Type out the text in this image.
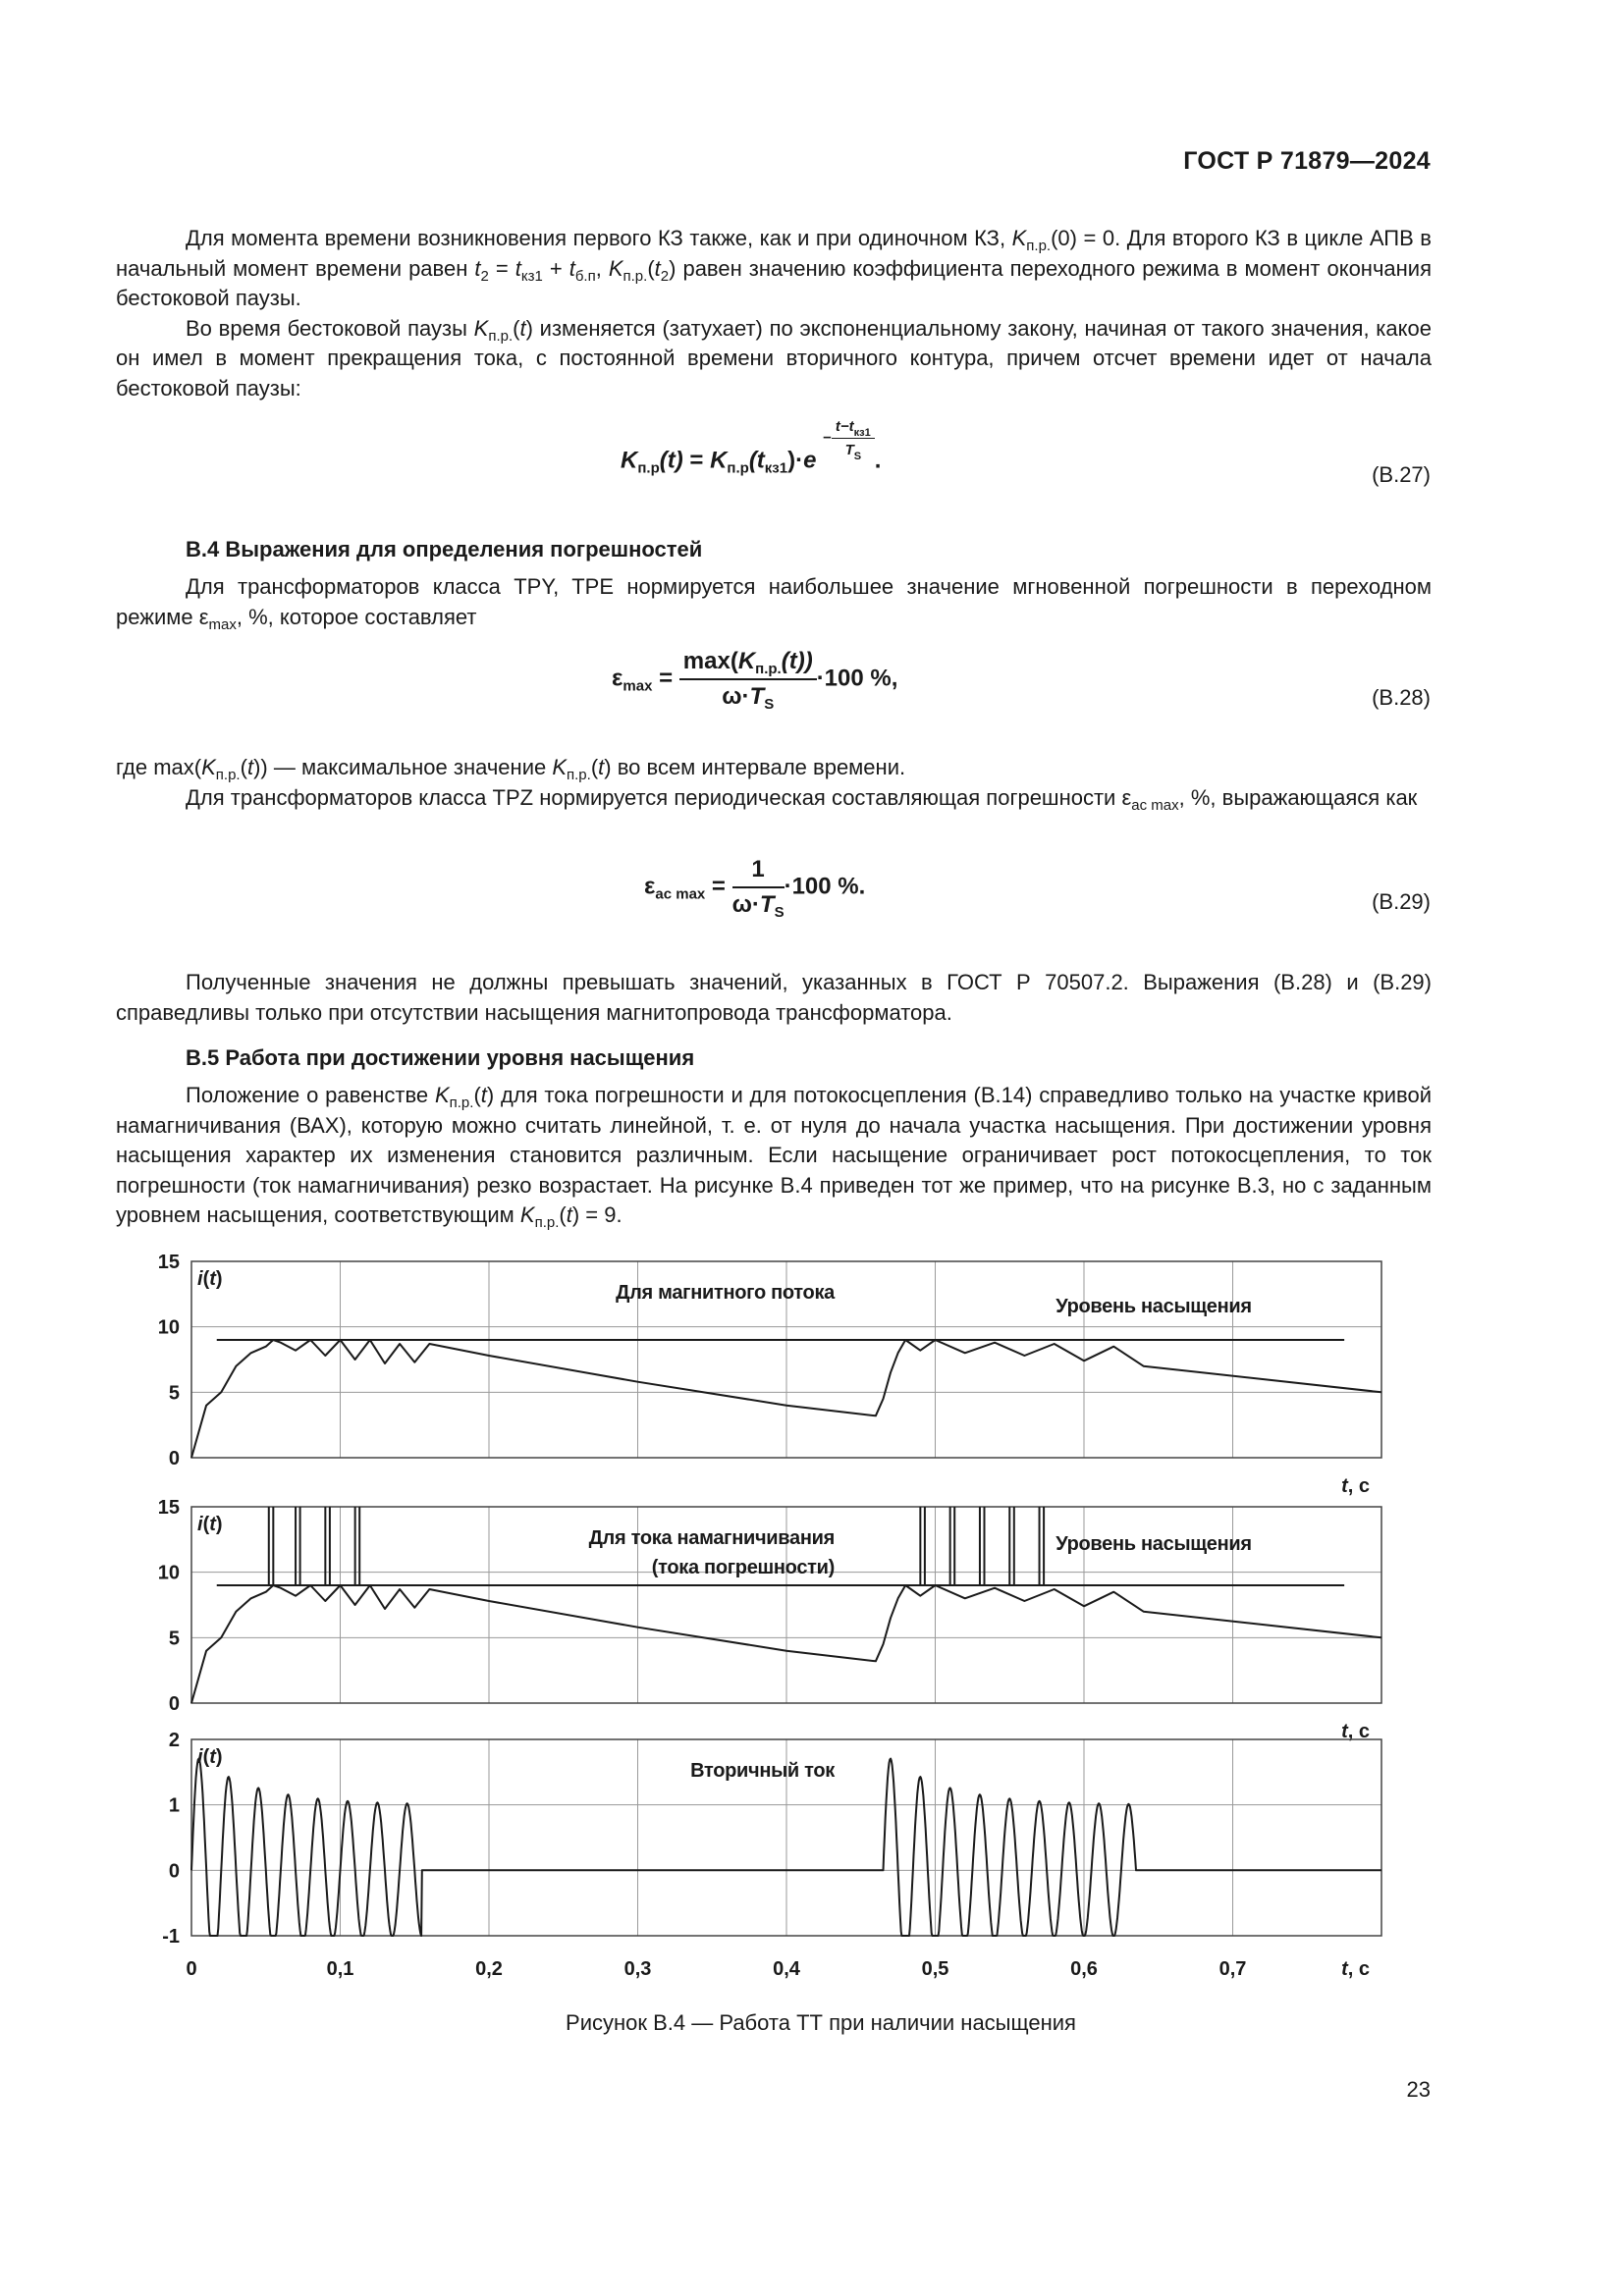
ГОСТ Р 71879—2024

Для момента времени возникновения первого КЗ также, как и при одиночном КЗ, $K_{п.р.}(0) = 0$. Для второго КЗ в цикле АПВ в начальный момент времени равен $t_2 = t_{кз1} + t_{б.п}$, $K_{п.р.}(t_2)$ равен значению коэффициента переходного режима в момент окончания бестоковой паузы.

Во время бестоковой паузы $K_{п.р.}(t)$ изменяется (затухает) по экспоненциальному закону, начиная от такого значения, какое он имел в момент прекращения тока, с постоянной времени вторичного контура, причем отсчет времени идет от начала бестоковой паузы:

$K_{п.р}(t) = K_{п.р}(t_{кз1})\cdot e - \frac{t-t_{кз1}}{T_S}$
.
(В.27)
В.4 Выражения для определения погрешностей

Для трансформаторов класса TPY, TPE нормируется наибольшее значение мгновенной погрешности в переходном режиме $\varepsilon_{max}$, %, которое составляет

$\varepsilon_{max} = \frac{\max(K_{п.р.}(t))}{\omega\cdot T_S} \cdot 100$ %,
(В.28)

где $\max(K_{п.р.}(t))$ — максимальное значение $K_{п.р.}(t)$ во всем интервале времени.

Для трансформаторов класса TPZ нормируется периодическая составляющая погрешности $\varepsilon_{ac max}$, %, выражающаяся как

$\varepsilon_{ac max} = \frac{1}{\omega\cdot T_S} \cdot 100$ %.
(В.29)

Полученные значения не должны превышать значений, указанных в ГОСТ Р 70507.2. Выражения (В.28) и (В.29) справедливы только при отсутствии насыщения магнитопровода трансформатора.

В.5 Работа при достижении уровня насыщения

Положение о равенстве $K_{п.р.}(t)$ для тока погрешности и для потокосцепления (В.14) справедливо только на участке кривой намагничивания (ВАХ), которую можно считать линейной, т. е. от нуля до начала участка насыщения. При достижении уровня насыщения характер их изменения становится различным. Если насыщение ограничивает рост потокосцепления, то ток погрешности (ток намагничивания) резко возрастает. На рисунке В.4 приведен тот же пример, что на рисунке В.3, но с заданным уровнем насыщения, соответствующим $K_{п.р.}(t) = 9$.

0
5
10
15
i(t)
Для магнитного потока
Уровень насыщения
t, с
0
5
10
15
i(t)
Для тока намагничивания
(тока погрешности)
Уровень насыщения
t, с
-1
0
1
2
i(t)
Вторичный ток
0	0,1	0,2	0,3	0,4	0,5	0,6	0,7	t, с
Рисунок В.4 — Работа ТТ при наличии насыщения
23
